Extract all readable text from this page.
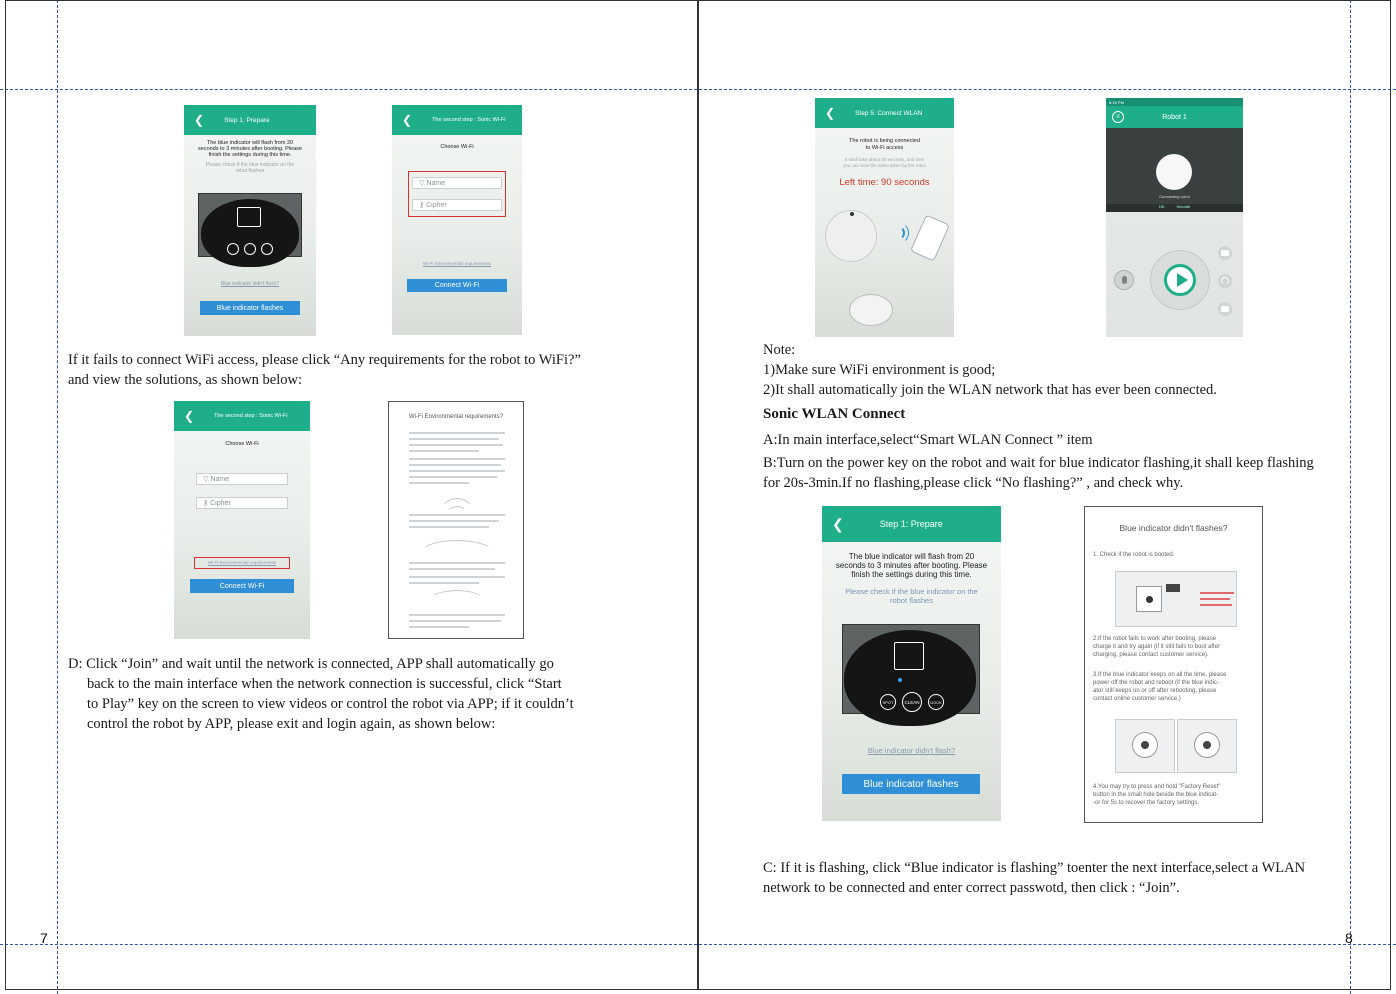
7	8
❮	Step 1: Prepare
The blue indicator will flash from 20
seconds to 3 minutes after booting. Please
finish the settings during this time.
Please check if the blue indicator on the
robot flashes
Blue indicator didn't flash?
Blue indicator flashes
❮	The second step : Sonic Wi-Fi
Choose Wi-Fi
▽ Name
⚷ Cipher
Wi-Fi Environmental requirements
Connect Wi-Fi
If it fails to connect WiFi access, please click “Any requirements for the robot to WiFi?”
and view the solutions, as shown below:
❮	The second step : Sonic Wi-Fi
Choose Wi-Fi
▽ Name
⚷ Cipher
Wi-Fi Environmental requirements
Connect Wi-Fi
Wi-Fi Environmental requirements?
D: Click “Join” and wait until the network is connected, APP shall automatically go
back to the main interface when the network connection is successful, click “Start
to Play” key on the screen to view videos or control the robot via APP; if it couldn’t
control the robot by APP, please exit and login again, as shown below:
❮	Step 5: Connect WLAN
The robot is being connected
to Wi-Fi access
It shall take about 90 seconds, and then
you can view the video taken by the robot
Left time: 90 seconds
6:15 PM
≡	Robot 1
Connecting robot
HD	Smooth
Note:
1)Make sure WiFi environment is good;
2)It shall automatically join the WLAN network that has ever been connected.
Sonic WLAN Connect
A:In main interface,select“Smart WLAN Connect ” item
B:Turn on the power key on the robot and wait for blue indicator flashing,it shall keep flashing
for 20s-3min.If no flashing,please click “No flashing?” , and check why.
❮	Step 1: Prepare
The blue indicator will flash from 20
seconds to 3 minutes after booting. Please
finish the settings during this time.
Please check if the blue indicator on the
robot flashes
SPOT CLEAN	DOCK
Blue indicator didn't flash?
Blue indicator flashes
Blue indicator didn't flashes?
1. Check if the robot is booted.
2.If the robot fails to work after booting, please
charge it and try again (if it still fails to boot after
charging, please contact customer service).
3.If the blue indicator keeps on all the time, please
power off the robot and reboot (if the blue indic-
ator still keeps on or off after rebooting, please
contact online customer service.)
4.You may try to press and hold "Factory Reset"
button in the small hole beside the blue indicat-
-or for 5s to recover the factory settings.
C: If it is flashing, click “Blue indicator is flashing” toenter the next interface,select a WLAN
network to be connected and enter correct passwotd, then click : “Join”.
